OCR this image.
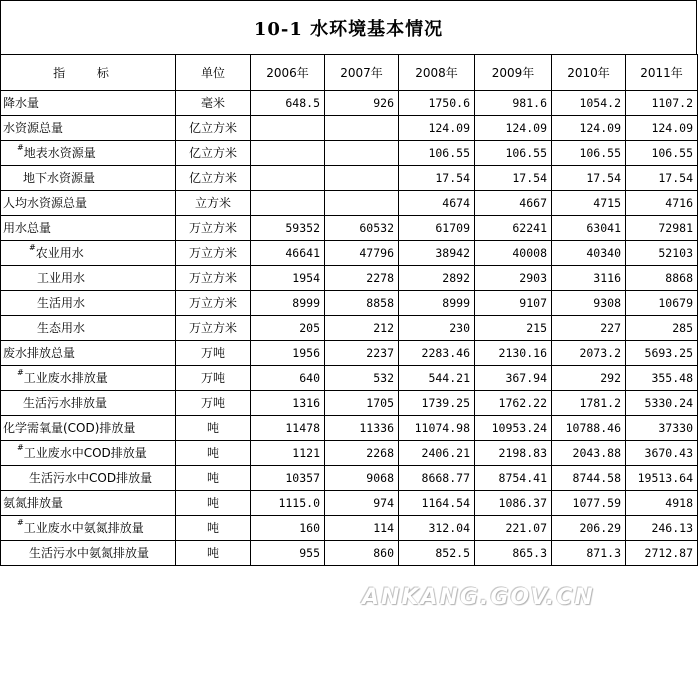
10-1 水环境基本情况
指 标	单位	2006年	2007年	2008年	2009年	2010年	2011年
降水量	毫米	648.5	926	1750.6	981.6	1054.2	1107.2
水资源总量	亿立方米			124.09	124.09	124.09	124.09
#地表水资源量	亿立方米			106.55	106.55	106.55	106.55
地下水资源量	亿立方米			17.54	17.54	17.54	17.54
人均水资源总量	立方米			4674	4667	4715	4716
用水总量	万立方米	59352	60532	61709	62241	63041	72981
#农业用水	万立方米	46641	47796	38942	40008	40340	52103
工业用水	万立方米	1954	2278	2892	2903	3116	8868
生活用水	万立方米	8999	8858	8999	9107	9308	10679
生态用水	万立方米	205	212	230	215	227	285
废水排放总量	万吨	1956	2237	2283.46	2130.16	2073.2	5693.25
#工业废水排放量	万吨	640	532	544.21	367.94	292	355.48
生活污水排放量	万吨	1316	1705	1739.25	1762.22	1781.2	5330.24
化学需氧量(COD)排放量	吨	11478	11336	11074.98	10953.24	10788.46	37330
#工业废水中COD排放量	吨	1121	2268	2406.21	2198.83	2043.88	3670.43
生活污水中COD排放量	吨	10357	9068	8668.77	8754.41	8744.58	19513.64
氨氮排放量	吨	1115.0	974	1164.54	1086.37	1077.59	4918
#工业废水中氨氮排放量	吨	160	114	312.04	221.07	206.29	246.13
生活污水中氨氮排放量	吨	955	860	852.5	865.3	871.3	2712.87
ANKANG.GOV.CN
